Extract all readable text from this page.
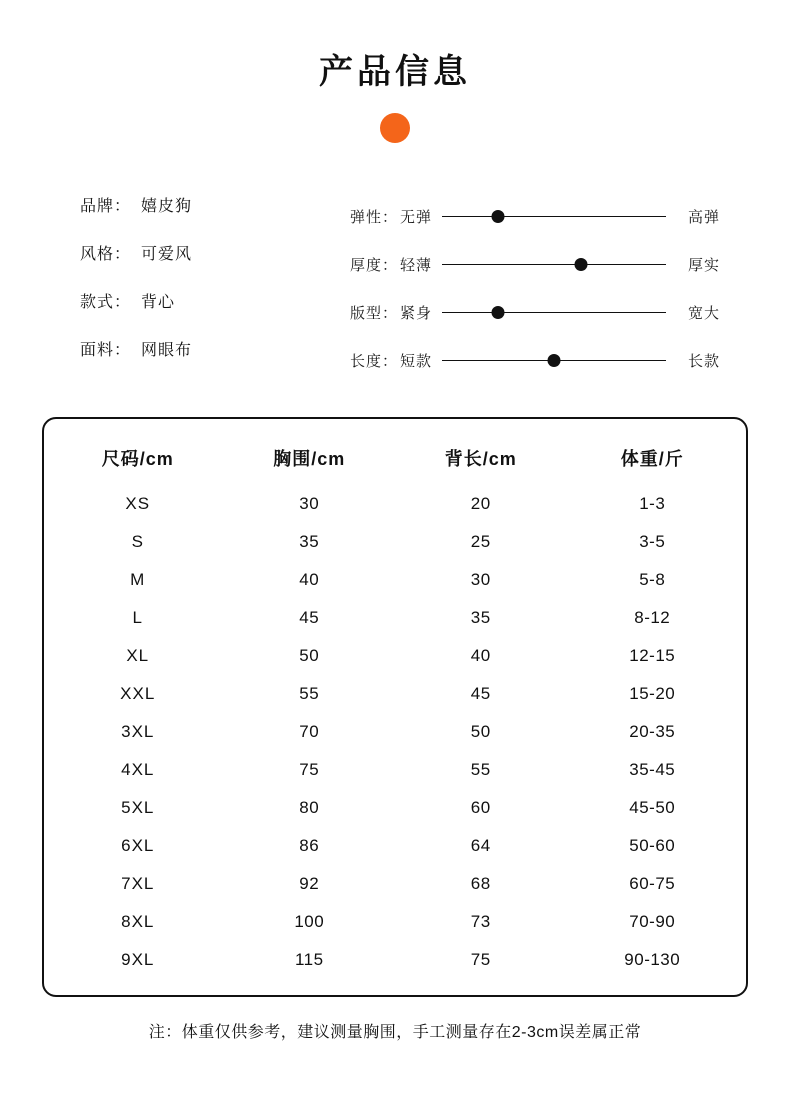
产品信息
品牌： 嬉皮狗
风格： 可爱风
款式： 背心
面料： 网眼布
弹性： 无弹	高弹
厚度： 轻薄	厚实
版型： 紧身	宽大
长度： 短款	长款
尺码/cm	胸围/cm	背长/cm	体重/斤
XS	30	20	1-3
S	35	25	3-5
M	40	30	5-8
L	45	35	8-12
XL	50	40	12-15
XXL	55	45	15-20
3XL	70	50	20-35
4XL	75	55	35-45
5XL	80	60	45-50
6XL	86	64	50-60
7XL	92	68	60-75
8XL	100	73	70-90
9XL	115	75	90-130
注：体重仅供参考，建议测量胸围，手工测量存在2-3cm误差属正常
